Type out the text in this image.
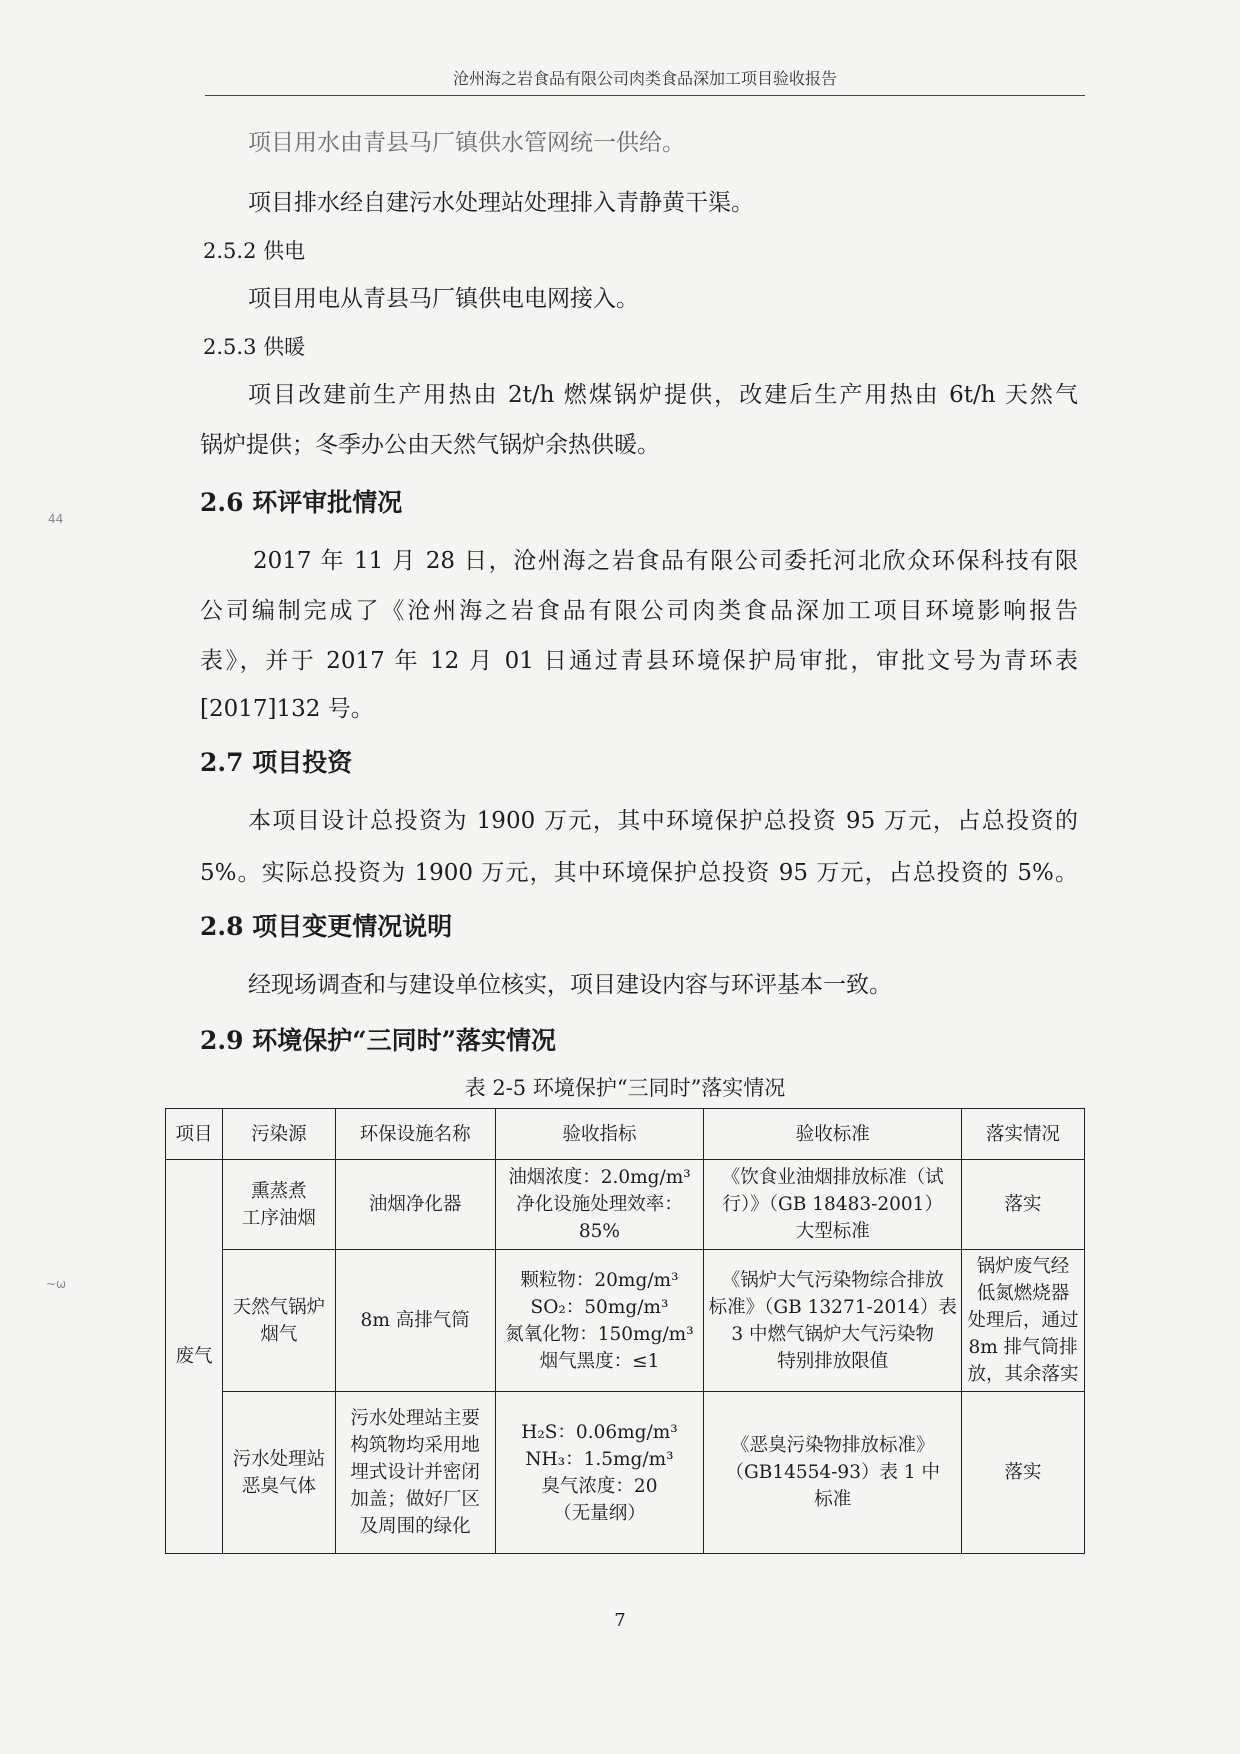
沧州海之岩食品有限公司肉类食品深加工项目验收报告
项目用水由青县马厂镇供水管网统一供给。
项目排水经自建污水处理站处理排入青静黄干渠。
2.5.2 供电
项目用电从青县马厂镇供电电网接入。
2.5.3 供暖
项目改建前生产用热由 2t/h 燃煤锅炉提供，改建后生产用热由 6t/h 天然气
锅炉提供；冬季办公由天然气锅炉余热供暖。
2.6 环评审批情况
2017 年 11 月 28 日，沧州海之岩食品有限公司委托河北欣众环保科技有限
公司编制完成了《沧州海之岩食品有限公司肉类食品深加工项目环境影响报告
表》，并于 2017 年 12 月 01 日通过青县环境保护局审批，审批文号为青环表
[2017]132 号。
2.7 项目投资
本项目设计总投资为 1900 万元，其中环境保护总投资 95 万元，占总投资的
5%。实际总投资为 1900 万元，其中环境保护总投资 95 万元，占总投资的 5%。
2.8 项目变更情况说明
经现场调查和与建设单位核实，项目建设内容与环评基本一致。
2.9 环境保护“三同时”落实情况
表 2-5 环境保护“三同时”落实情况
项目	污染源	环保设施名称	验收指标	验收标准	落实情况
废气	熏蒸煮
工序油烟	油烟净化器	油烟浓度：2.0mg/m³
净化设施处理效率：
85%	《饮食业油烟排放标准（试
行）》（GB 18483-2001）
大型标准	落实
	天然气锅炉
烟气	8m 高排气筒	颗粒物：20mg/m³
SO₂：50mg/m³
氮氧化物：150mg/m³
烟气黑度：≤1	《锅炉大气污染物综合排放
标准》（GB 13271-2014）表
3 中燃气锅炉大气污染物
特别排放限值	锅炉废气经
低氮燃烧器
处理后，通过
8m 排气筒排
放，其余落实
	污水处理站
恶臭气体	污水处理站主要
构筑物均采用地
埋式设计并密闭
加盖；做好厂区
及周围的绿化	H₂S：0.06mg/m³
NH₃：1.5mg/m³
臭气浓度：20
（无量纲）	《恶臭污染物排放标准》
（GB14554-93）表 1 中
标准	落实
7
44
~ω
